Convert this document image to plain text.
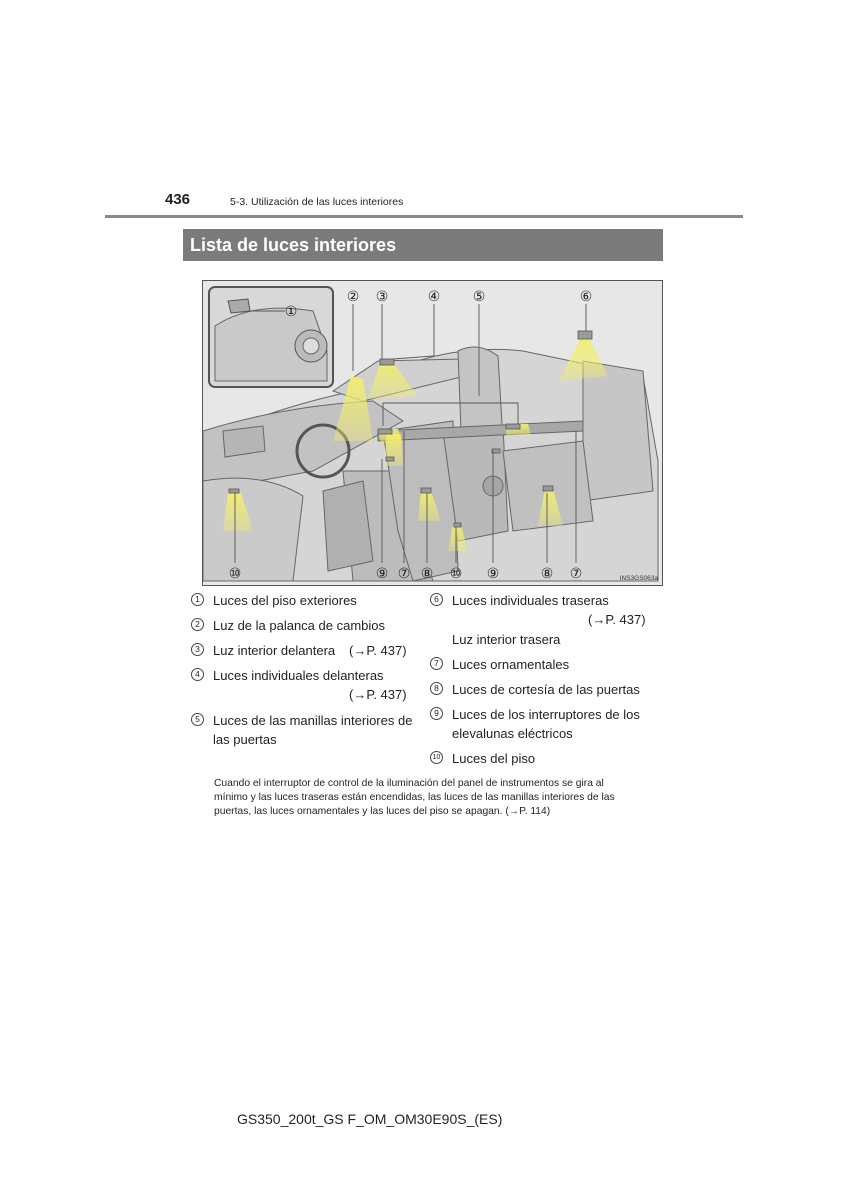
436	5-3. Utilización de las luces interiores
Lista de luces interiores
①
② ③	④ ⑤	⑥
⑩	⑨ ⑦ ⑧ ⑩ ⑨	⑧ ⑦	INS3GS063a
1	Luces del piso exteriores
2	Luz de la palanca de cambios
3	Luz interior delantera (→P. 437)
4	Luces individuales delanteras
(→P. 437)
5	Luces de las manillas interiores de
las puertas
6	Luces individuales traseras
(→P. 437)
Luz interior trasera
7	Luces ornamentales
8	Luces de cortesía de las puertas
9	Luces de los interruptores de los
elevalunas eléctricos
10 Luces del piso
Cuando el interruptor de control de la iluminación del panel de instrumentos se gira al
mínimo y las luces traseras están encendidas, las luces de las manillas interiores de las
puertas, las luces ornamentales y las luces del piso se apagan. (→P. 114)
GS350_200t_GS F_OM_OM30E90S_(ES)
